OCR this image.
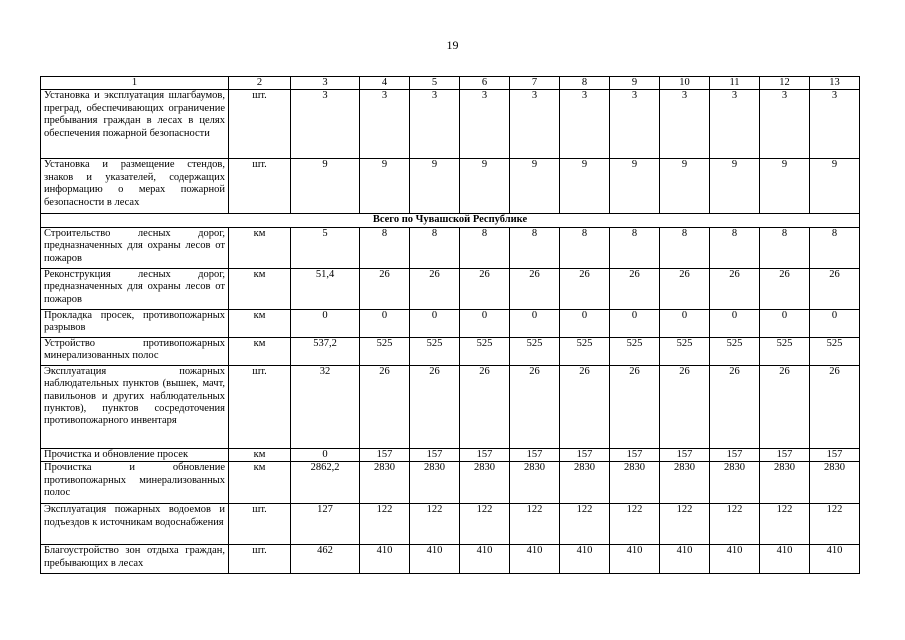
19
1	2	3	4	5	6	7	8	9	10	11	12	13
Установка и эксплуатация шлагбаумов, преград, обеспечивающих ограничение пребывания граждан в лесах в целях обеспечения пожарной безопасности	шт.	3	3	3	3	3	3	3	3	3	3	3
Установка и размещение стендов, знаков и указателей, содержащих информацию о мерах пожарной безопасности в лесах	шт.	9	9	9	9	9	9	9	9	9	9	9
Всего по Чувашской Республике												
Строительство лесных дорог, предназначенных для охраны лесов от пожаров	км	5	8	8	8	8	8	8	8	8	8	8
Реконструкция лесных дорог, предназначенных для охраны лесов от пожаров	км	51,4	26	26	26	26	26	26	26	26	26	26
Прокладка просек, противопожарных разрывов	км	0	0	0	0	0	0	0	0	0	0	0
Устройство противопожарных минерализованных полос	км	537,2	525	525	525	525	525	525	525	525	525	525
Эксплуатация пожарных наблюдательных пунктов (вышек, мачт, павильонов и других наблюдательных пунктов), пунктов сосредоточения противопожарного инвентаря	шт.	32	26	26	26	26	26	26	26	26	26	26
Прочистка и обновление просек	км	0	157	157	157	157	157	157	157	157	157	157
Прочистка и обновление противопожарных минерализованных полос	км	2862,2	2830	2830	2830	2830	2830	2830	2830	2830	2830	2830
Эксплуатация пожарных водоемов и подъездов к источникам водоснабжения	шт.	127	122	122	122	122	122	122	122	122	122	122
Благоустройство зон отдыха граждан, пребывающих в лесах	шт.	462	410	410	410	410	410	410	410	410	410	410
